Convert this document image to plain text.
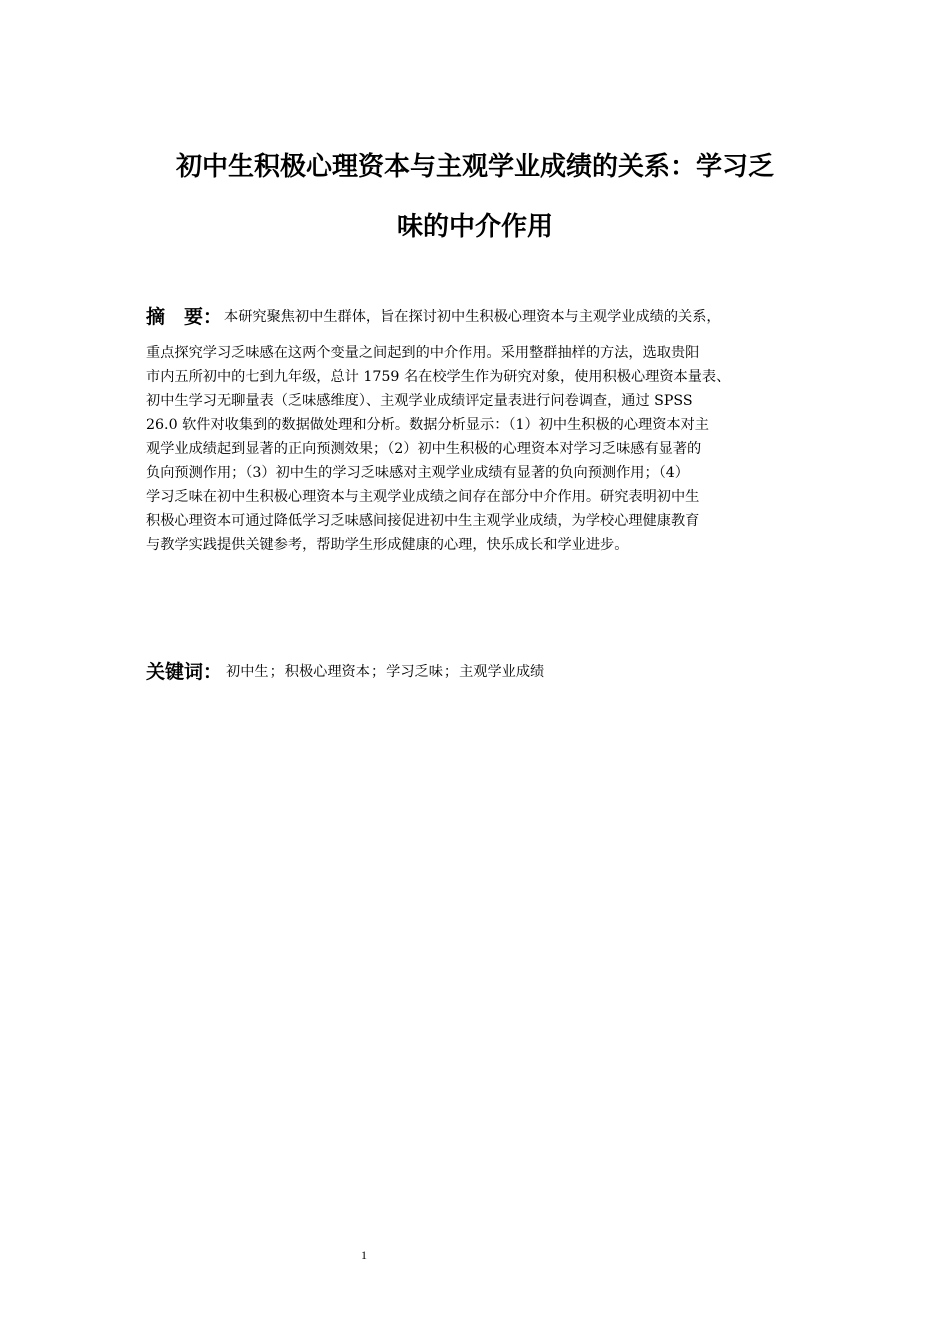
初中生积极心理资本与主观学业成绩的关系：学习乏
味的中介作用
摘　要： 本研究聚焦初中生群体，旨在探讨初中生积极心理资本与主观学业成绩的关系，
重点探究学习乏味感在这两个变量之间起到的中介作用。采用整群抽样的方法，选取贵阳
市内五所初中的七到九年级，总计 1759 名在校学生作为研究对象，使用积极心理资本量表、
初中生学习无聊量表（乏味感维度）、主观学业成绩评定量表进行问卷调查，通过 SPSS
26.0 软件对收集到的数据做处理和分析。数据分析显示：（1）初中生积极的心理资本对主
观学业成绩起到显著的正向预测效果；（2）初中生积极的心理资本对学习乏味感有显著的
负向预测作用；（3）初中生的学习乏味感对主观学业成绩有显著的负向预测作用；（4）
学习乏味在初中生积极心理资本与主观学业成绩之间存在部分中介作用。研究表明初中生
积极心理资本可通过降低学习乏味感间接促进初中生主观学业成绩，为学校心理健康教育
与教学实践提供关键参考，帮助学生形成健康的心理，快乐成长和学业进步。
关键词： 初中生；积极心理资本；学习乏味；主观学业成绩
1
